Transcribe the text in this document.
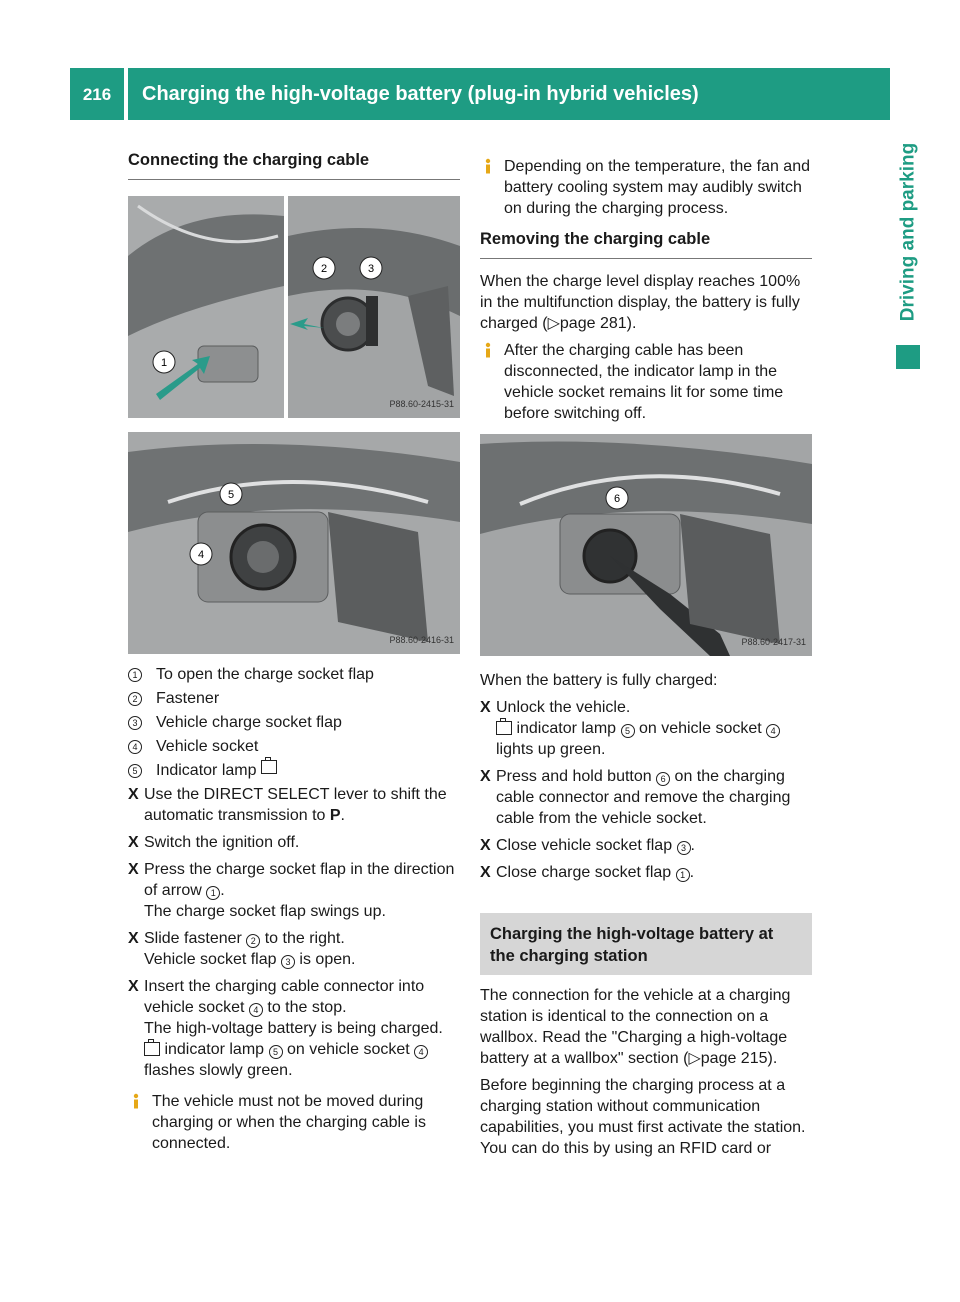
216	Charging the high-voltage battery (plug-in hybrid vehicles)
Driving and parking
Connecting the charging cable
1
2	3
P88.60-2415-31
5
4
P88.60-2416-31
1 To open the charge socket flap
2 Fastener
3 Vehicle charge socket flap
4 Vehicle socket
5 Indicator lamp

X Use the DIRECT SELECT lever to shift the automatic transmission to P.
X Switch the ignition off.
X Press the charge socket flap in the direction of arrow 1 .
The charge socket flap swings up.
X Slide fastener 2 to the right.
Vehicle socket flap 3 is open.
X Insert the charging cable connector into vehicle socket 4 to the stop.
The high-voltage battery is being charged.
indicator lamp 5 on vehicle socket 4 flashes slowly green.
The vehicle must not be moved during charging or when the charging cable is connected.
Depending on the temperature, the fan and battery cooling system may audibly switch on during the charging process.
Removing the charging cable

When the charge level display reaches 100% in the multifunction display, the battery is fully charged (▷page 281).

After the charging cable has been disconnected, the indicator lamp in the vehicle socket remains lit for some time before switching off.
6
P88.60-2417-31

When the battery is fully charged:

X Unlock the vehicle.
indicator lamp 5 on vehicle socket 4 lights up green.
X Press and hold button 6 on the charging cable connector and remove the charging cable from the vehicle socket.
X Close vehicle socket flap 3 .
X Close charge socket flap 1 .
Charging the high-voltage battery at the charging station

The connection for the vehicle at a charging station is identical to the connection on a wallbox. Read the "Charging a high-voltage battery at a wallbox" section (▷page 215).

Before beginning the charging process at a charging station without communication capabilities, you must first activate the station. You can do this by using an RFID card or
